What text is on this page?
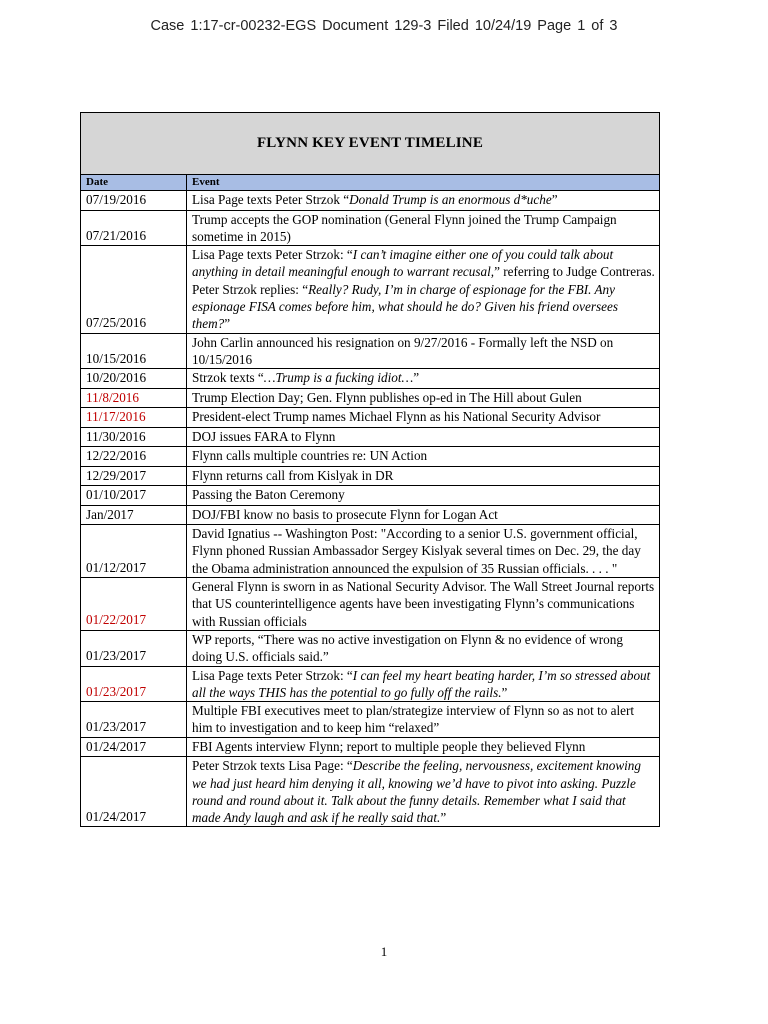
Case 1:17-cr-00232-EGS Document 129-3 Filed 10/24/19 Page 1 of 3
FLYNN KEY EVENT TIMELINE	
Date	Event
07/19/2016	Lisa Page texts Peter Strzok “Donald Trump is an enormous d*uche”
07/21/2016	Trump accepts the GOP nomination (General Flynn joined the Trump Campaign sometime in 2015)
07/25/2016	Lisa Page texts Peter Strzok: “I can’t imagine either one of you could talk about anything in detail meaningful enough to warrant recusal,” referring to Judge Contreras. Peter Strzok replies: “Really? Rudy, I’m in charge of espionage for the FBI. Any espionage FISA comes before him, what should he do? Given his friend oversees them?”
10/15/2016	John Carlin announced his resignation on 9/27/2016 - Formally left the NSD on 10/15/2016
10/20/2016	Strzok texts “…Trump is a fucking idiot…”
11/8/2016	Trump Election Day; Gen. Flynn publishes op-ed in The Hill about Gulen
11/17/2016	President-elect Trump names Michael Flynn as his National Security Advisor
11/30/2016	DOJ issues FARA to Flynn
12/22/2016	Flynn calls multiple countries re: UN Action
12/29/2017	Flynn returns call from Kislyak in DR
01/10/2017	Passing the Baton Ceremony
Jan/2017	DOJ/FBI know no basis to prosecute Flynn for Logan Act
01/12/2017	David Ignatius -- Washington Post: "According to a senior U.S. government official, Flynn phoned Russian Ambassador Sergey Kislyak several times on Dec. 29, the day the Obama administration announced the expulsion of 35 Russian officials. . . . "
01/22/2017	General Flynn is sworn in as National Security Advisor. The Wall Street Journal reports that US counterintelligence agents have been investigating Flynn’s communications with Russian officials
01/23/2017	WP reports, “There was no active investigation on Flynn & no evidence of wrong doing U.S. officials said.”
01/23/2017	Lisa Page texts Peter Strzok: “I can feel my heart beating harder, I’m so stressed about all the ways THIS has the potential to go fully off the rails.”
01/23/2017	Multiple FBI executives meet to plan/strategize interview of Flynn so as not to alert him to investigation and to keep him “relaxed”
01/24/2017	FBI Agents interview Flynn; report to multiple people they believed Flynn
01/24/2017	Peter Strzok texts Lisa Page: “Describe the feeling, nervousness, excitement knowing we had just heard him denying it all, knowing we’d have to pivot into asking. Puzzle round and round about it. Talk about the funny details. Remember what I said that made Andy laugh and ask if he really said that.”
1
